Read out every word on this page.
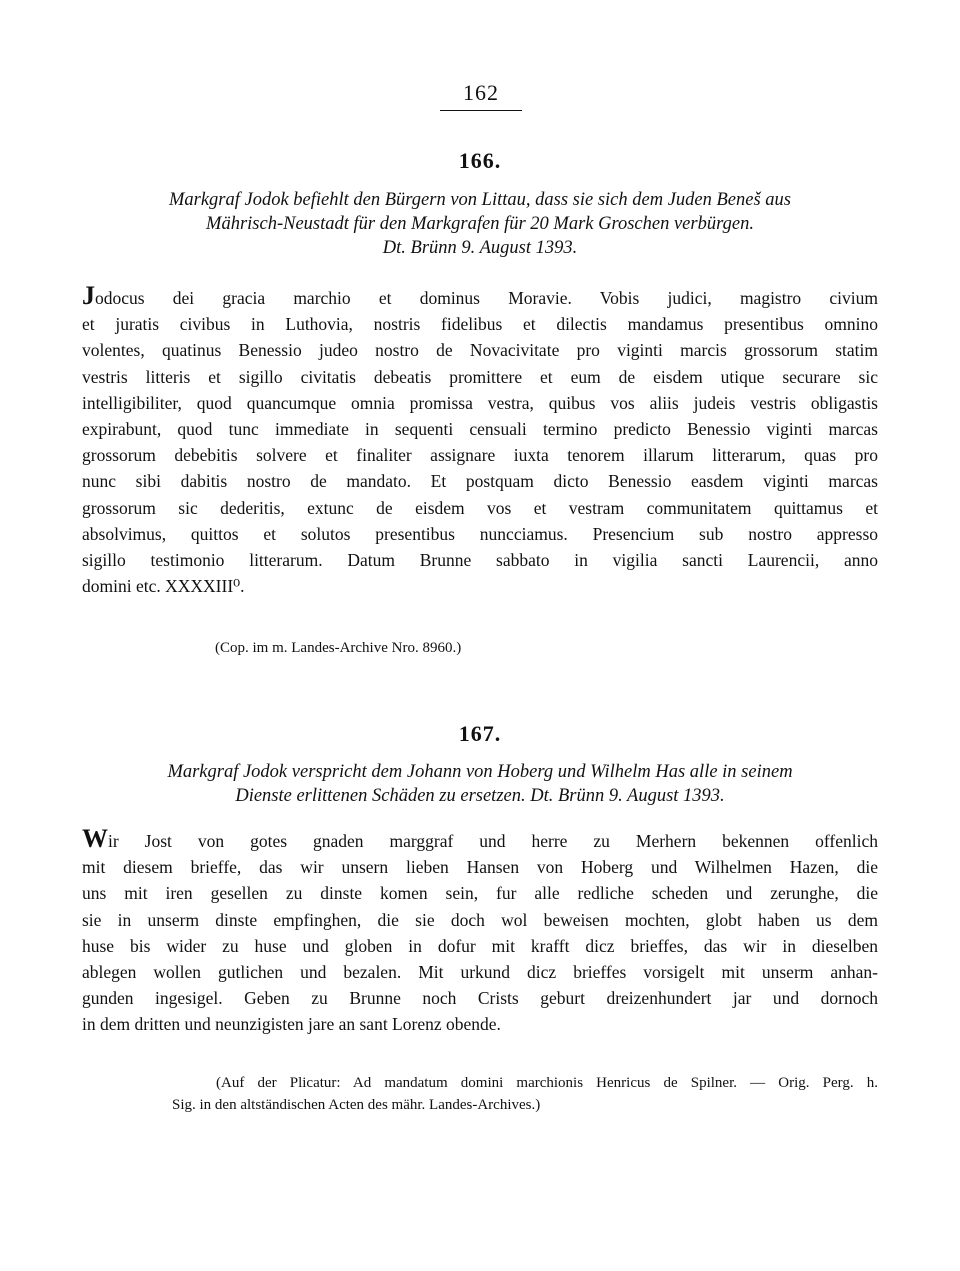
162
166.
Markgraf Jodok befiehlt den Bürgern von Littau, dass sie sich dem Juden Beneš aus
Mährisch-Neustadt für den Markgrafen für 20 Mark Groschen verbürgen.
Dt. Brünn 9. August 1393.
Jodocus dei gracia marchio et dominus Moravie. Vobis judici, magistro civium
et juratis civibus in Luthovia, nostris fidelibus et dilectis mandamus presentibus omnino
volentes, quatinus Benessio judeo nostro de Novacivitate pro viginti marcis grossorum statim
vestris litteris et sigillo civitatis debeatis promittere et eum de eisdem utique securare sic
intelligibiliter, quod quancumque omnia promissa vestra, quibus vos aliis judeis vestris obligastis
expirabunt, quod tunc immediate in sequenti censuali termino predicto Benessio viginti marcas
grossorum debebitis solvere et finaliter assignare iuxta tenorem illarum litterarum, quas pro
nunc sibi dabitis nostro de mandato. Et postquam dicto Benessio easdem viginti marcas
grossorum sic dederitis, extunc de eisdem vos et vestram communitatem quittamus et
absolvimus, quittos et solutos presentibus nuncciamus. Presencium sub nostro appresso
sigillo testimonio litterarum. Datum Brunne sabbato in vigilia sancti Laurencii, anno
domini etc. XXXXIII⁰.
(Cop. im m. Landes-Archive Nro. 8960.)
167.
Markgraf Jodok verspricht dem Johann von Hoberg und Wilhelm Has alle in seinem
Dienste erlittenen Schäden zu ersetzen. Dt. Brünn 9. August 1393.
Wir Jost von gotes gnaden marggraf und herre zu Merhern bekennen offenlich
mit diesem brieffe, das wir unsern lieben Hansen von Hoberg und Wilhelmen Hazen, die
uns mit iren gesellen zu dinste komen sein, fur alle redliche scheden und zerunghe, die
sie in unserm dinste empfinghen, die sie doch wol beweisen mochten, globt haben us dem
huse bis wider zu huse und globen in dofur mit krafft dicz brieffes, das wir in dieselben
ablegen wollen gutlichen und bezalen. Mit urkund dicz brieffes vorsigelt mit unserm anhan-
gunden ingesigel. Geben zu Brunne noch Crists geburt dreizenhundert jar und dornoch
in dem dritten und neunzigisten jare an sant Lorenz obende.
(Auf der Plicatur: Ad mandatum domini marchionis Henricus de Spilner. — Orig. Perg. h.
Sig. in den altständischen Acten des mähr. Landes-Archives.)
